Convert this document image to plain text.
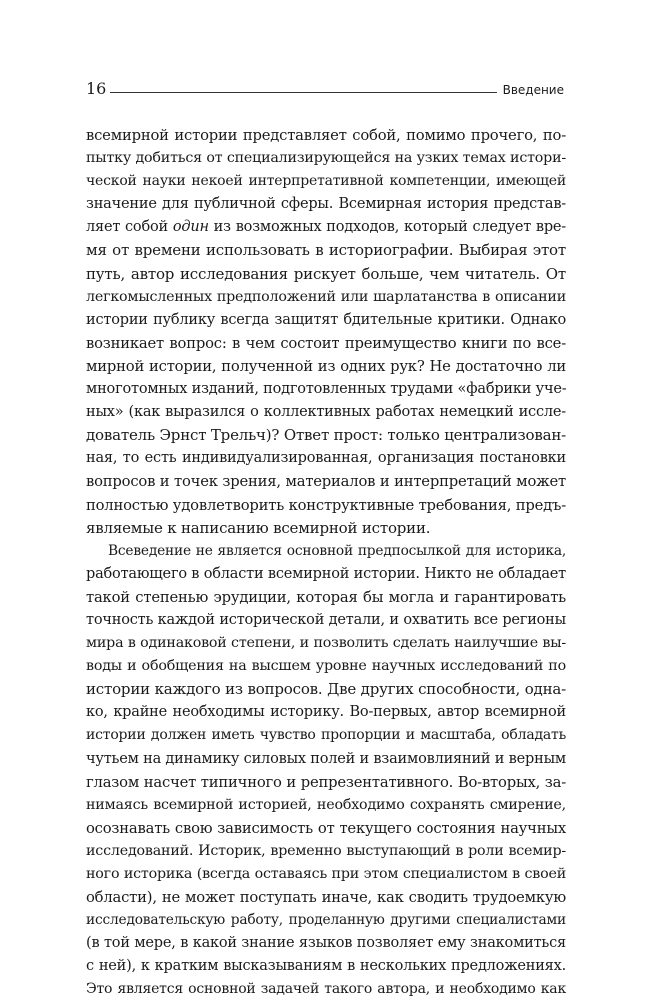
16	Введение
всемирной истории представляет собой, помимо прочего, по-
пытку добиться от специализирующейся на узких темах истори-
ческой науки некоей интерпретативной компетенции, имеющей
значение для публичной сферы. Всемирная история представ-
ляет собой один из возможных подходов, который следует вре-
мя от времени использовать в историографии. Выбирая этот
путь, автор исследования рискует больше, чем читатель. От
легкомысленных предположений или шарлатанства в описании
истории публику всегда защитят бдительные критики. Однако
возникает вопрос: в чем состоит преимущество книги по все-
мирной истории, полученной из одних рук? Не достаточно ли
многотомных изданий, подготовленных трудами «фабрики уче-
ных» (как выразился о коллективных работах немецкий иссле-
дователь Эрнст Трельч)? Ответ прост: только централизован-
ная, то есть индивидуализированная, организация постановки
вопросов и точек зрения, материалов и интерпретаций может
полностью удовлетворить конструктивные требования, предъ-
являемые к написанию всемирной истории.
Всеведение не является основной предпосылкой для историка,
работающего в области всемирной истории. Никто не обладает
такой степенью эрудиции, которая бы могла и гарантировать
точность каждой исторической детали, и охватить все регионы
мира в одинаковой степени, и позволить сделать наилучшие вы-
воды и обобщения на высшем уровне научных исследований по
истории каждого из вопросов. Две других способности, одна-
ко, крайне необходимы историку. Во-первых, автор всемирной
истории должен иметь чувство пропорции и масштаба, обладать
чутьем на динамику силовых полей и взаимовлияний и верным
глазом насчет типичного и репрезентативного. Во-вторых, за-
нимаясь всемирной историей, необходимо сохранять смирение,
осознавать свою зависимость от текущего состояния научных
исследований. Историк, временно выступающий в роли всемир-
ного историка (всегда оставаясь при этом специалистом в своей
области), не может поступать иначе, как сводить трудоемкую
исследовательскую работу, проделанную другими специалистами
(в той мере, в какой знание языков позволяет ему знакомиться
с ней), к кратким высказываниям в нескольких предложениях.
Это является основной задачей такого автора, и необходимо как
